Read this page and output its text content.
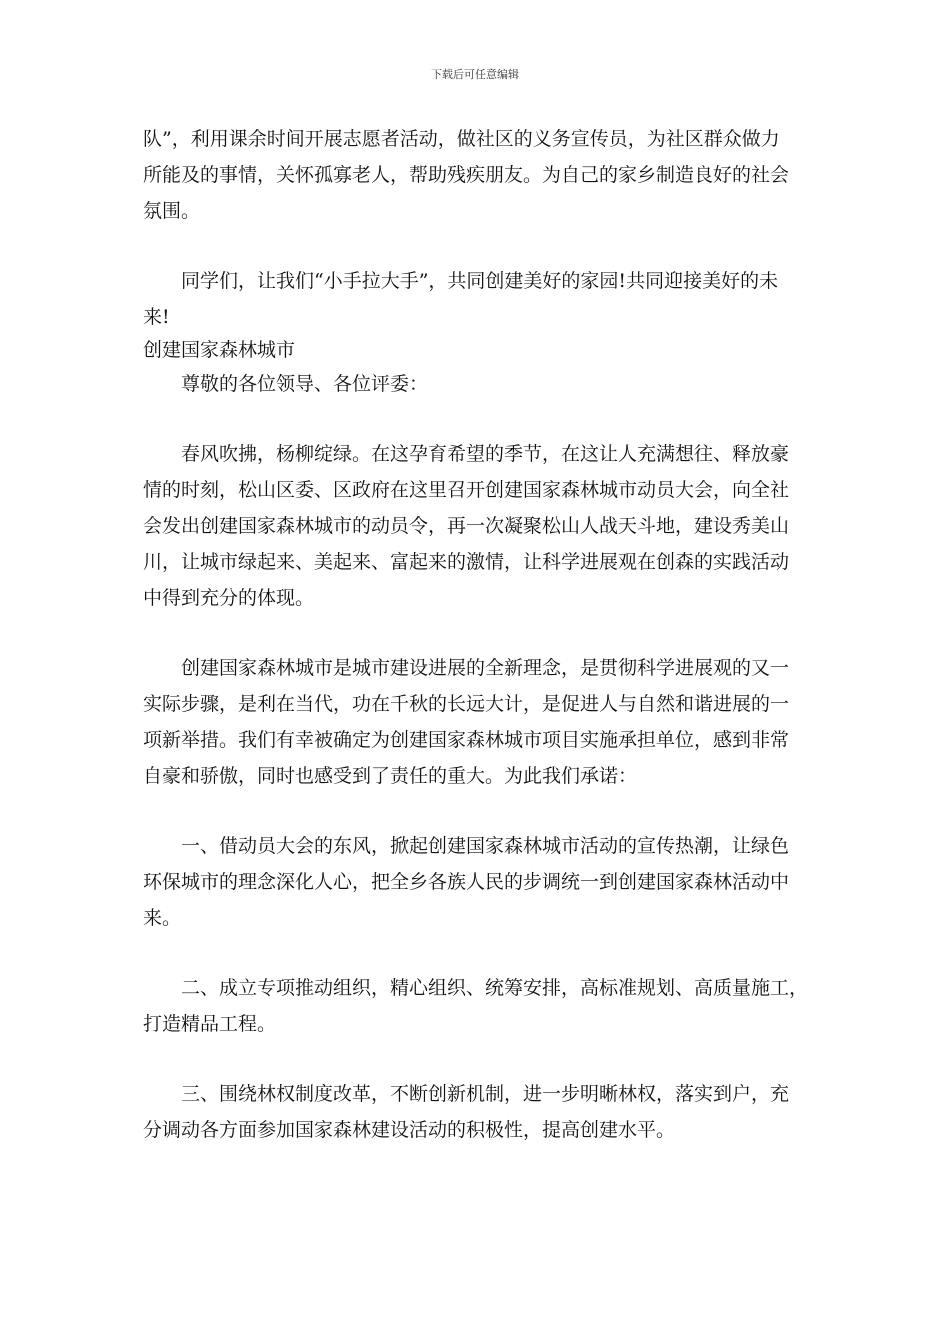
下载后可任意编辑
队”，利用课余时间开展志愿者活动，做社区的义务宣传员，为社区群众做力
所能及的事情，关怀孤寡老人，帮助残疾朋友。为自己的家乡制造良好的社会
氛围。
同学们，让我们“小手拉大手”，共同创建美好的家园!共同迎接美好的未
来!
创建国家森林城市
尊敬的各位领导、各位评委：
春风吹拂，杨柳绽绿。在这孕育希望的季节，在这让人充满想往、释放豪
情的时刻，松山区委、区政府在这里召开创建国家森林城市动员大会，向全社
会发出创建国家森林城市的动员令，再一次凝聚松山人战天斗地，建设秀美山
川，让城市绿起来、美起来、富起来的激情，让科学进展观在创森的实践活动
中得到充分的体现。
创建国家森林城市是城市建设进展的全新理念，是贯彻科学进展观的又一
实际步骤，是利在当代，功在千秋的长远大计，是促进人与自然和谐进展的一
项新举措。我们有幸被确定为创建国家森林城市项目实施承担单位，感到非常
自豪和骄傲，同时也感受到了责任的重大。为此我们承诺：
一、借动员大会的东风，掀起创建国家森林城市活动的宣传热潮，让绿色
环保城市的理念深化人心，把全乡各族人民的步调统一到创建国家森林活动中
来。
二、成立专项推动组织，精心组织、统筹安排，高标准规划、高质量施工，
打造精品工程。
三、围绕林权制度改革，不断创新机制，进一步明晰林权，落实到户，充
分调动各方面参加国家森林建设活动的积极性，提高创建水平。
